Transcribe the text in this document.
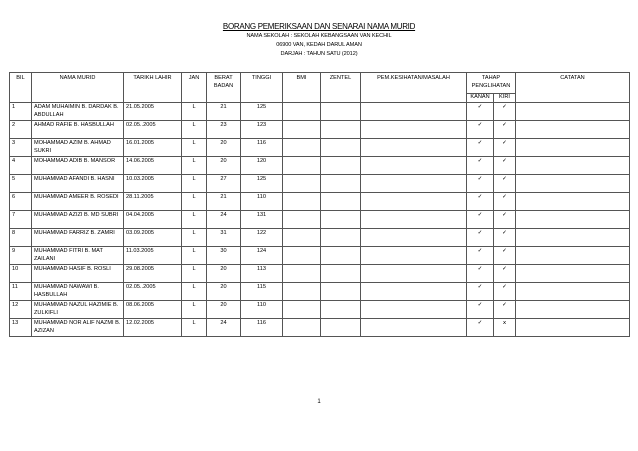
BORANG PEMERIKSAAN DAN SENARAI NAMA MURID
NAMA SEKOLAH : SEKOLAH KEBANGSAAN VAN KECHIL
06900 VAN, KEDAH DARUL AMAN
DARJAH : TAHUN SATU (2012)
BIL	NAMA MURID	TARIKH LAHIR	JAN	BERAT BADAN	TINGGI	BMI	ZENTEL	PEM.KESIHATAN/MASALAH	TAHAP PENGLIHATAN		CATATAN
									KANAN	KIRI	
1	ADAM MUHAIMIN B. DARDAK B. ABDULLAH	21.05.2005	L	21	125				✓	✓	
2	AHMAD RAFIE B. HASBULLAH	02.05..2005	L	23	123				✓	✓	
3	MOHAMMAD AZIM B. AHMAD SUKRI	16.01.2005	L	20	116				✓	✓	
4	MOHAMMAD ADIB B. MANSOR	14.06.2005	L	20	120				✓	✓	
5	MUHAMMAD AFANDI B. HASNI	10.03.2005	L	27	125				✓	✓	
6	MUHAMMAD AMEER B. ROSEDI	28.11.2005	L	21	110				✓	✓	
7	MUHAMMAD AZIZI B. MD SUBRI	04.04.2005	L	24	131				✓	✓	
8	MUHAMMAD FARRIZ B. ZAMRI	03.09.2005	L	31	122				✓	✓	
9	MUHAMMAD FITRI B. MAT ZAILANI	11.03.2005	L	30	124				✓	✓	
10	MUHAMMAD HASIF B. ROSLI	29.08.2005	L	20	113				✓	✓	
11	MUHAMMAD NAWAWI B. HASBULLAH	02.05..2005	L	20	115				✓	✓	
12	MUHAMMAD NAZUL HAZIMIE B. ZULKIFLI	08.06.2005	L	20	110				✓	✓	
13	MUHAMMAD NOR ALIF NAZMI B. AZIZAN	12.02.2005	L	24	116				✓	x	
1
